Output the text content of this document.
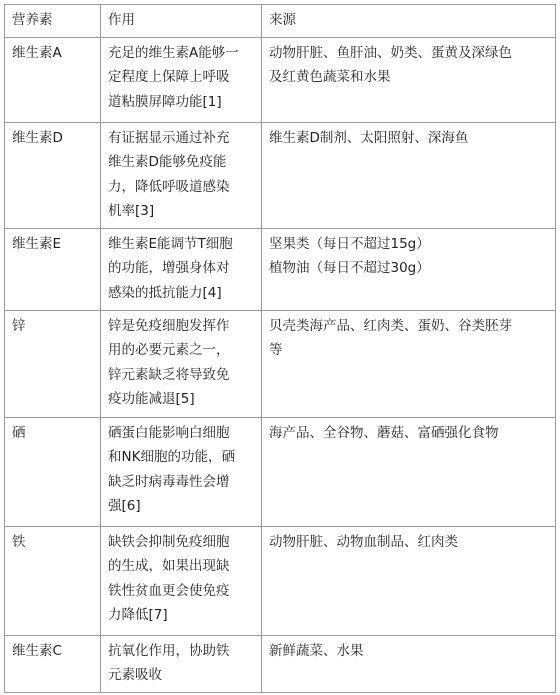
营养素	作用	来源
维生素A	充足的维生素A能够一
定程度上保障上呼吸
道粘膜屏障功能[1]	动物肝脏、鱼肝油、奶类、蛋黄及深绿色
及红黄色蔬菜和水果

维生素D	有证据显示通过补充
维生素D能够免疫能
力，降低呼吸道感染
机率[3]	维生素D制剂、太阳照射、深海鱼

维生素E	维生素E能调节T细胞
的功能，增强身体对
感染的抵抗能力[4]	坚果类（每日不超过15g）
植物油（每日不超过30g）

锌	锌是免疫细胞发挥作
用的必要元素之一，
锌元素缺乏将导致免
疫功能减退[5]	贝壳类海产品、红肉类、蛋奶、谷类胚芽
等

硒	硒蛋白能影响白细胞
和NK细胞的功能，硒
缺乏时病毒毒性会增
强[6]	海产品、全谷物、蘑菇、富硒强化食物

铁	缺铁会抑制免疫细胞
的生成，如果出现缺
铁性贫血更会使免疫
力降低[7]	动物肝脏、动物血制品、红肉类

维生素C	抗氧化作用，协助铁
元素吸收	新鲜蔬菜、水果
